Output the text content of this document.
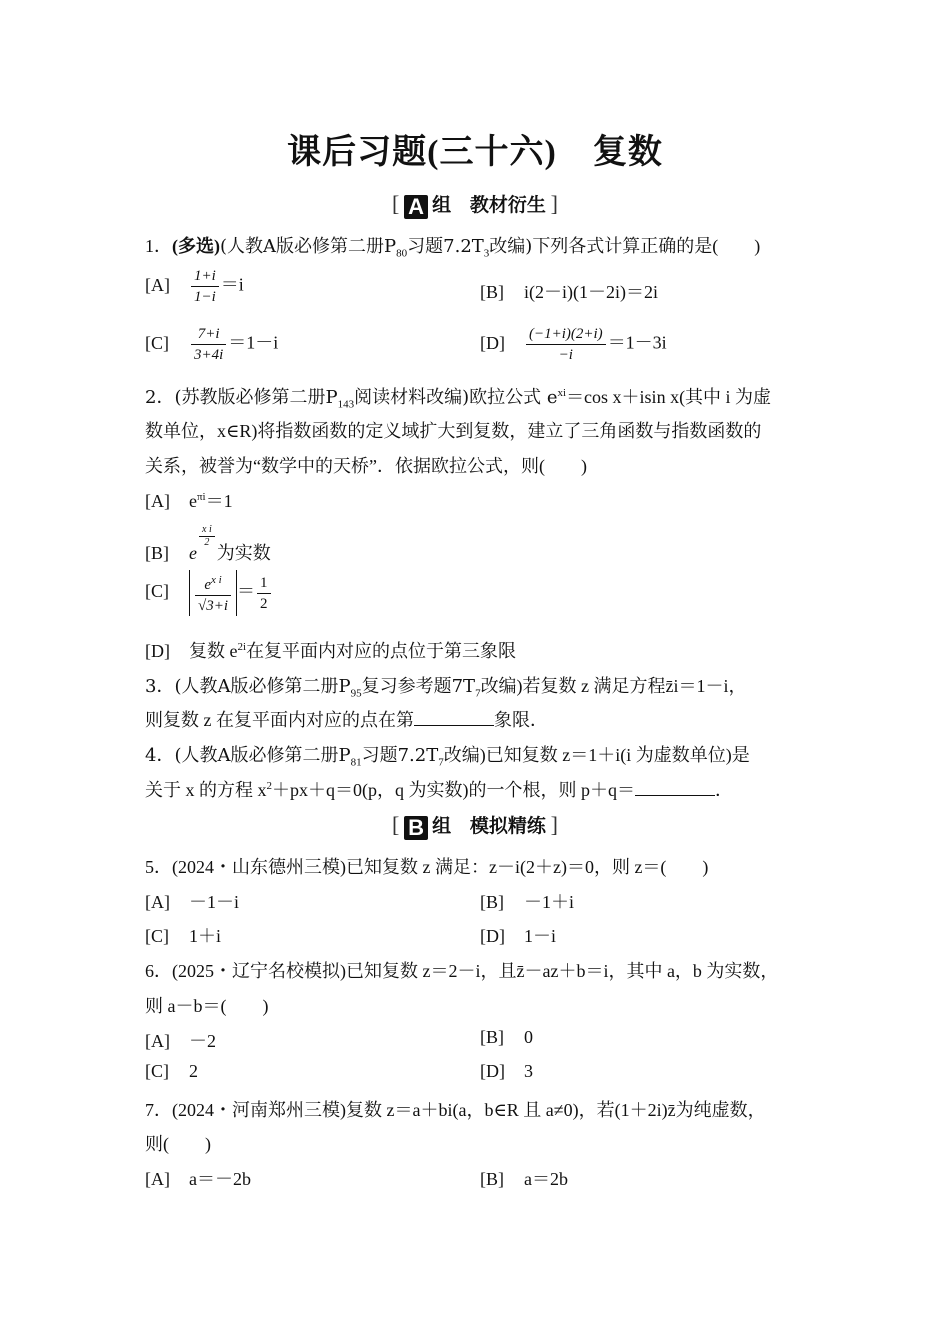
课后习题(三十六) 复数
[ A 组 教材衍生 ]
1．(多选)(人教A版必修第二册$P_{80}$习题$7.2T_3$改编)下列各式计算正确的是(　　)
$[A] \frac{1+i}{1-i} =i$	[B] i(2－i)(1－2i)＝2i
$[C] \frac{7+i}{3+4i} =1-i$	$[D] \frac{(-1+i)(2+i)}{-i} =1-3i$
2．(苏教版必修第二册$P_{143}$阅读材料改编)欧拉公式 $e^{xi}=\cos$ x＋isin x(其中 i 为虚
数单位，x∈R)将指数函数的定义域扩大到复数，建立了三角函数与指数函数的
关系，被誉为“数学中的天桥”．依据欧拉公式，则(　　)
[A] $e^{\pi i}=1$
[B] e
$\frac{\text{x i}}{2}$
为实数
$[C] \frac{e^{x i}}{√3+i} = \frac{1}{2}$
[D] 复数 $e^{2i}$在复平面内对应的点位于第三象限
3．(人教A版必修第二册$P_{95}$复习参考题$7T_7$改编)若复数 z 满足方程z̄i＝1－i，
则复数 z 在复平面内对应的点在第	象限．
4．(人教A版必修第二册$P_{81}$习题$7.2T_7$改编)已知复数 z＝1＋i(i 为虚数单位)是
关于 x 的方程 $x^2+px+q=0(p$，q 为实数)的一个根，则 p＋q＝	．
[ B 组 模拟精练 ]
5．(2024・山东德州三模)已知复数 z 满足：z－i(2＋z)＝0，则 z＝(　　)
[A] －1－i	[B] －1＋i
[C] 1＋i	[D] 1－i
6．(2025・辽宁名校模拟)已知复数 z＝2－i，且z̄－az＋b＝i，其中 a，b 为实数，
则 a－b＝(　　)
[A] －2	[B] 0
[C] 2	[D] 3
7．(2024・河南郑州三模)复数 z＝a＋bi(a，b∈R 且 a≠0)，若(1＋2i)z̄为纯虚数，
则(　　)
[A] a＝－2b	[B] a＝2b
